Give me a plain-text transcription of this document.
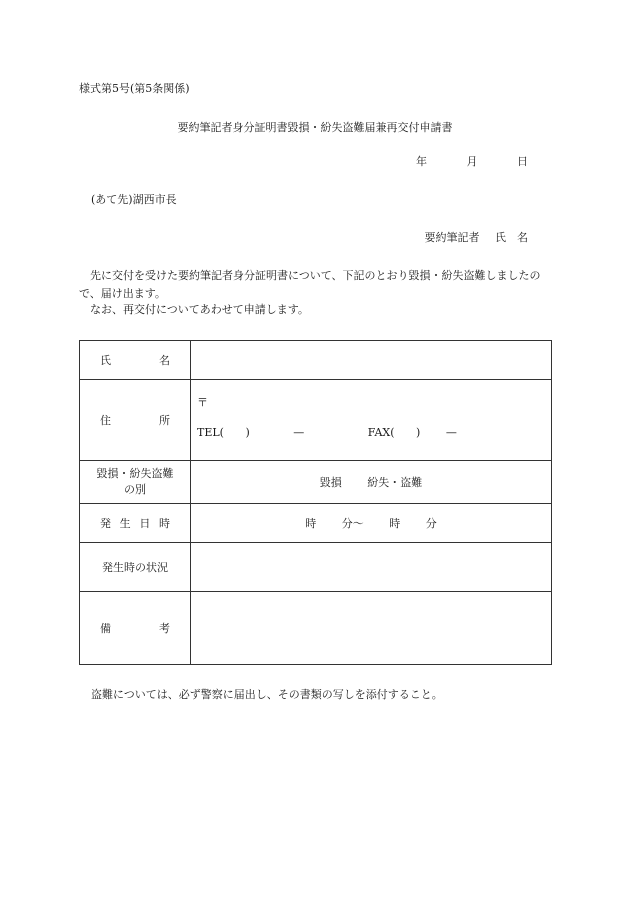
様式第5号(第5条関係)
要約筆記者身分証明書毀損・紛失盗難届兼再交付申請書
年	月	日
(あて先)湖西市長
要約筆記者 氏　名
先に交付を受けた要約筆記者身分証明書について、下記のとおり毀損・紛失盗難しましたので、届け出ます。
なお、再交付についてあわせて申請します。
氏名	
住所	〒
TEL( ) — FAX( ) —

毀損・紛失盗難
の別	毀損 紛失・盗難
発生日時	時 分～ 時 分
発生時の状況	
備考	
盗難については、必ず警察に届出し、その書類の写しを添付すること。
